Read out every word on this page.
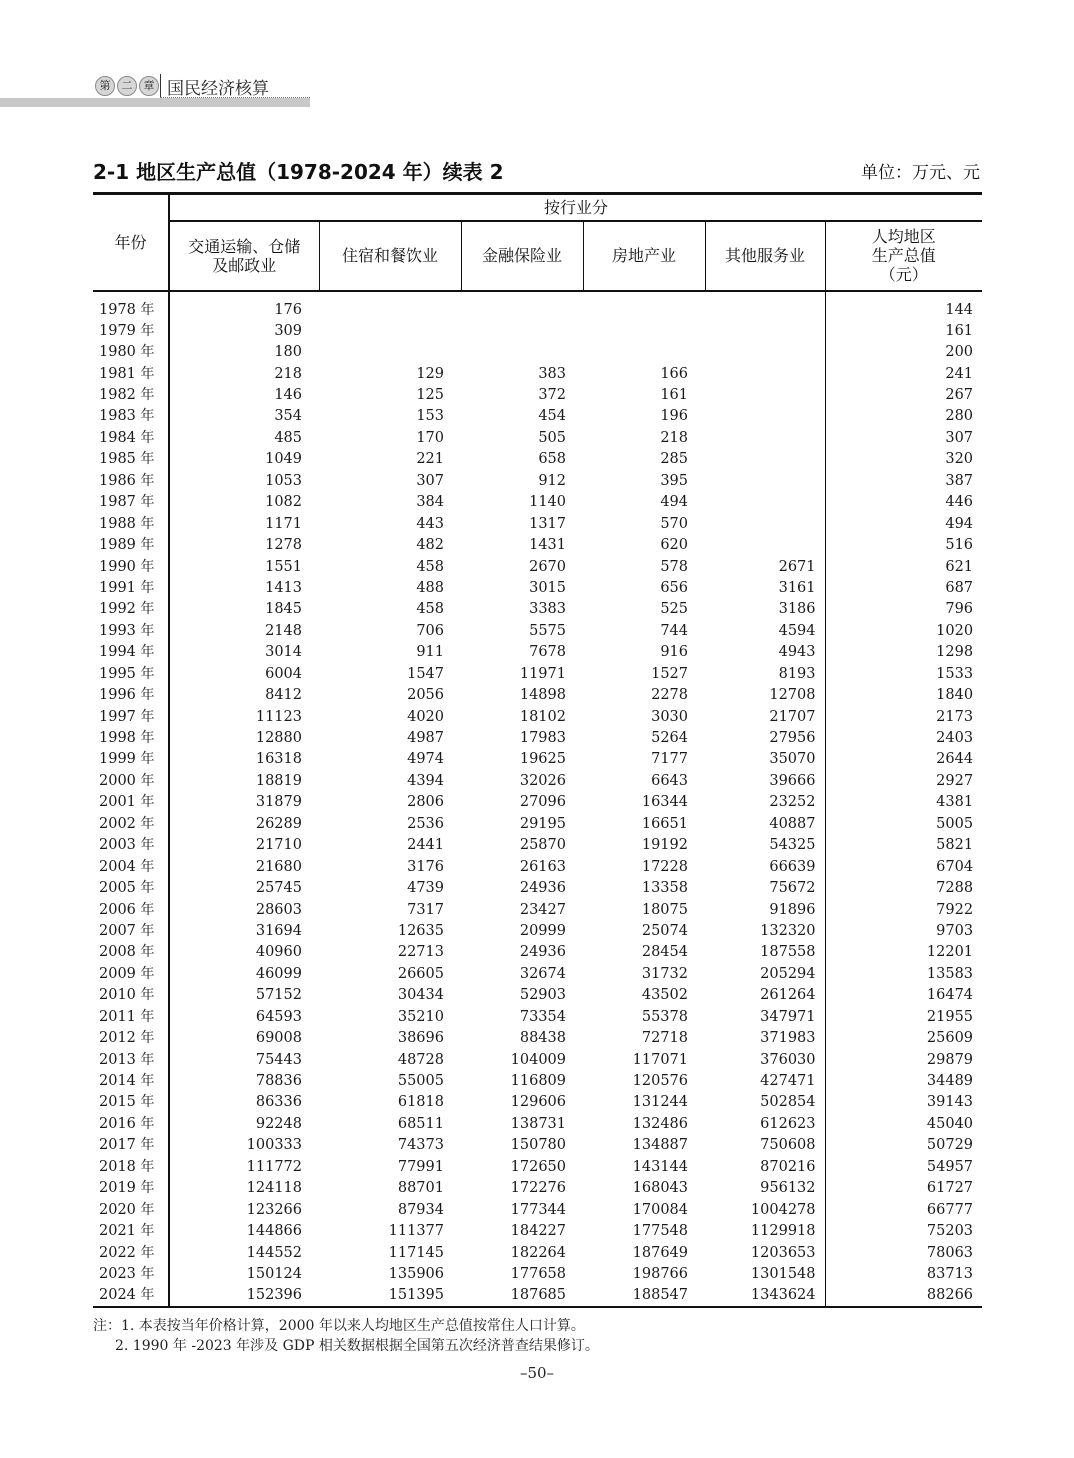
第	二	章 国民经济核算
2-1 地区生产总值（1978-2024 年）续表 2	单位：万元、元
年份	按行业分					
	交通运输、仓储及邮政业	住宿和餐饮业	金融保险业	房地产业	其他服务业	人均地区
生产总值
（元）

1978 年	176					144
1979 年	309					161
1980 年	180					200
1981 年	218	129	383	166		241
1982 年	146	125	372	161		267
1983 年	354	153	454	196		280
1984 年	485	170	505	218		307
1985 年	1049	221	658	285		320
1986 年	1053	307	912	395		387
1987 年	1082	384	1140	494		446
1988 年	1171	443	1317	570		494
1989 年	1278	482	1431	620		516
1990 年	1551	458	2670	578	2671	621
1991 年	1413	488	3015	656	3161	687
1992 年	1845	458	3383	525	3186	796
1993 年	2148	706	5575	744	4594	1020
1994 年	3014	911	7678	916	4943	1298
1995 年	6004	1547	11971	1527	8193	1533
1996 年	8412	2056	14898	2278	12708	1840
1997 年	11123	4020	18102	3030	21707	2173
1998 年	12880	4987	17983	5264	27956	2403
1999 年	16318	4974	19625	7177	35070	2644
2000 年	18819	4394	32026	6643	39666	2927
2001 年	31879	2806	27096	16344	23252	4381
2002 年	26289	2536	29195	16651	40887	5005
2003 年	21710	2441	25870	19192	54325	5821
2004 年	21680	3176	26163	17228	66639	6704
2005 年	25745	4739	24936	13358	75672	7288
2006 年	28603	7317	23427	18075	91896	7922
2007 年	31694	12635	20999	25074	132320	9703
2008 年	40960	22713	24936	28454	187558	12201
2009 年	46099	26605	32674	31732	205294	13583
2010 年	57152	30434	52903	43502	261264	16474
2011 年	64593	35210	73354	55378	347971	21955
2012 年	69008	38696	88438	72718	371983	25609
2013 年	75443	48728	104009	117071	376030	29879
2014 年	78836	55005	116809	120576	427471	34489
2015 年	86336	61818	129606	131244	502854	39143
2016 年	92248	68511	138731	132486	612623	45040
2017 年	100333	74373	150780	134887	750608	50729
2018 年	111772	77991	172650	143144	870216	54957
2019 年	124118	88701	172276	168043	956132	61727
2020 年	123266	87934	177344	170084	1004278	66777
2021 年	144866	111377	184227	177548	1129918	75203
2022 年	144552	117145	182264	187649	1203653	78063
2023 年	150124	135906	177658	198766	1301548	83713
2024 年	152396	151395	187685	188547	1343624	88266
注：1. 本表按当年价格计算，2000 年以来人均地区生产总值按常住人口计算。
2. 1990 年 -2023 年涉及 GDP 相关数据根据全国第五次经济普查结果修订。
–50–
